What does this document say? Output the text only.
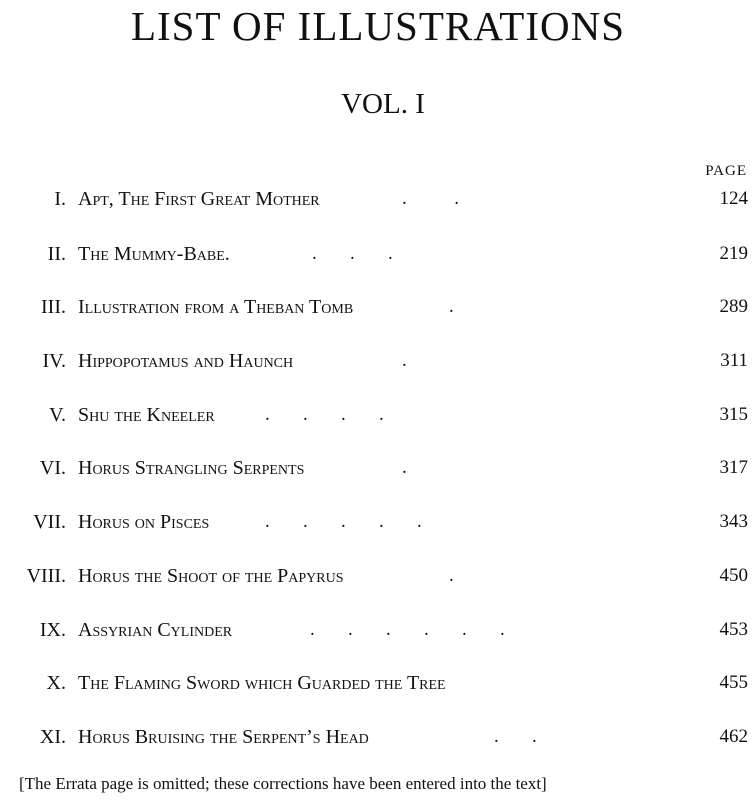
LIST OF ILLUSTRATIONS
VOL. I
PAGE
I. Apt, The First Great Mother	.          .	124
II. The Mummy-Babe.	.       .       .	219
III. Illustration from a Theban Tomb	.	289
IV. Hippopotamus and Haunch	.	311
V. Shu the Kneeler	.       .       .       .	315
VI. Horus Strangling Serpents	.	317
VII. Horus on Pisces	.       .       .       .       .	343
VIII. Horus the Shoot of the Papyrus	.	450
IX. Assyrian Cylinder	.       .       .       .       .       .	453
X. The Flaming Sword which Guarded the Tree	455
XI. Horus Bruising the Serpent’s Head	.       .	462
[The Errata page is omitted; these corrections have been entered into the text]
